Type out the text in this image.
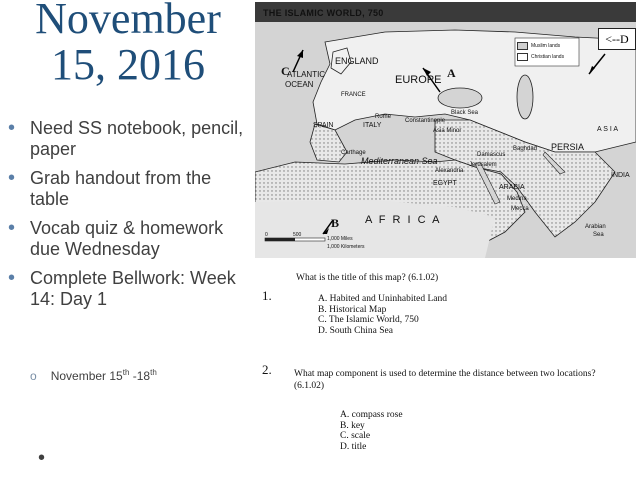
November
15, 2016
• Need SS notebook, pencil, paper
• Grab handout from the table
• Vocab quiz & homework due Wednesday
• Complete Bellwork: Week 14: Day 1
o November 15th -18th
•
THE ISLAMIC WORLD, 750
Muslim lands
Christian lands
ENGLAND
ATLANTIC
OCEAN	EUROPE
FRANCE
SPAIN	ITALY
Rome
Constantinople
Black Sea
Asia Minor
Carthage
Mediterranean Sea
PERSIA
A S I A
Baghdad
Damascus
Jerusalem
Alexandria
EGYPT
ARABIA
Medina
Mecca
INDIA
A F R I C A
Arabian
Sea
A
B
C
0	500
1,000 Miles
1,000 Kilometers
<--D
1.
What is the title of this map? (6.1.02)
A. Habited and Uninhabited Land
B. Historical Map
C. The Islamic World, 750
D. South China Sea
2. What map component is used to determine the distance between two locations?
(6.1.02)
A. compass rose
B. key
C. scale
D. title
